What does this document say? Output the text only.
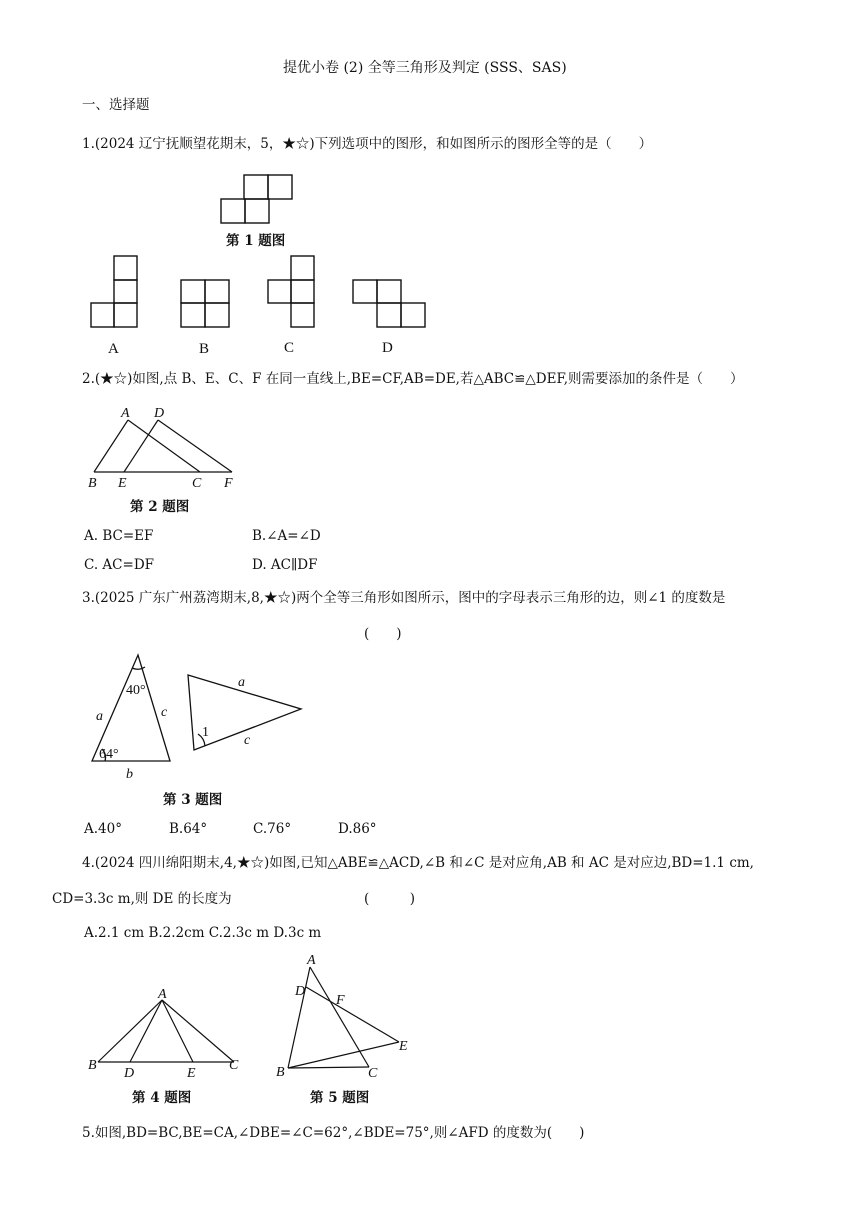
提优小卷 (2) 全等三角形及判定 (SSS、SAS)
一、选择题
1.(2024 辽宁抚顺望花期末，5，★☆)下列选项中的图形，和如图所示的图形全等的是（　　）
第 1 题图
A	B	C	D
2.(★☆)如图,点 B、E、C、F 在同一直线上,BE=CF,AB=DE,若△ABC≌△DEF,则需要添加的条件是（　　）
A D
B E	C F
第 2 题图
A. BC=EF	B.∠A=∠D
C. AC=DF	D. AC∥DF
3.(2025 广东广州荔湾期末,8,★☆)两个全等三角形如图所示，图中的字母表示三角形的边，则∠1 的度数是
(　　)
40°
64°
a
b
c
a
c
1
第 3 题图
A.40°	B.64°	C.76°	D.86°
4.(2024 四川绵阳期末,4,★☆)如图,已知△ABE≌△ACD,∠B 和∠C 是对应角,AB 和 AC 是对应边,BD=1.1 cm,
CD=3.3c m,则 DE 的长度为	(　　　)
A.2.1 cm B.2.2cm C.2.3c m D.3c m
A
B
D	E
C
第 4 题图
A
D
F
E
B	C
第 5 题图
5.如图,BD=BC,BE=CA,∠DBE=∠C=62°,∠BDE=75°,则∠AFD 的度数为(　　)
